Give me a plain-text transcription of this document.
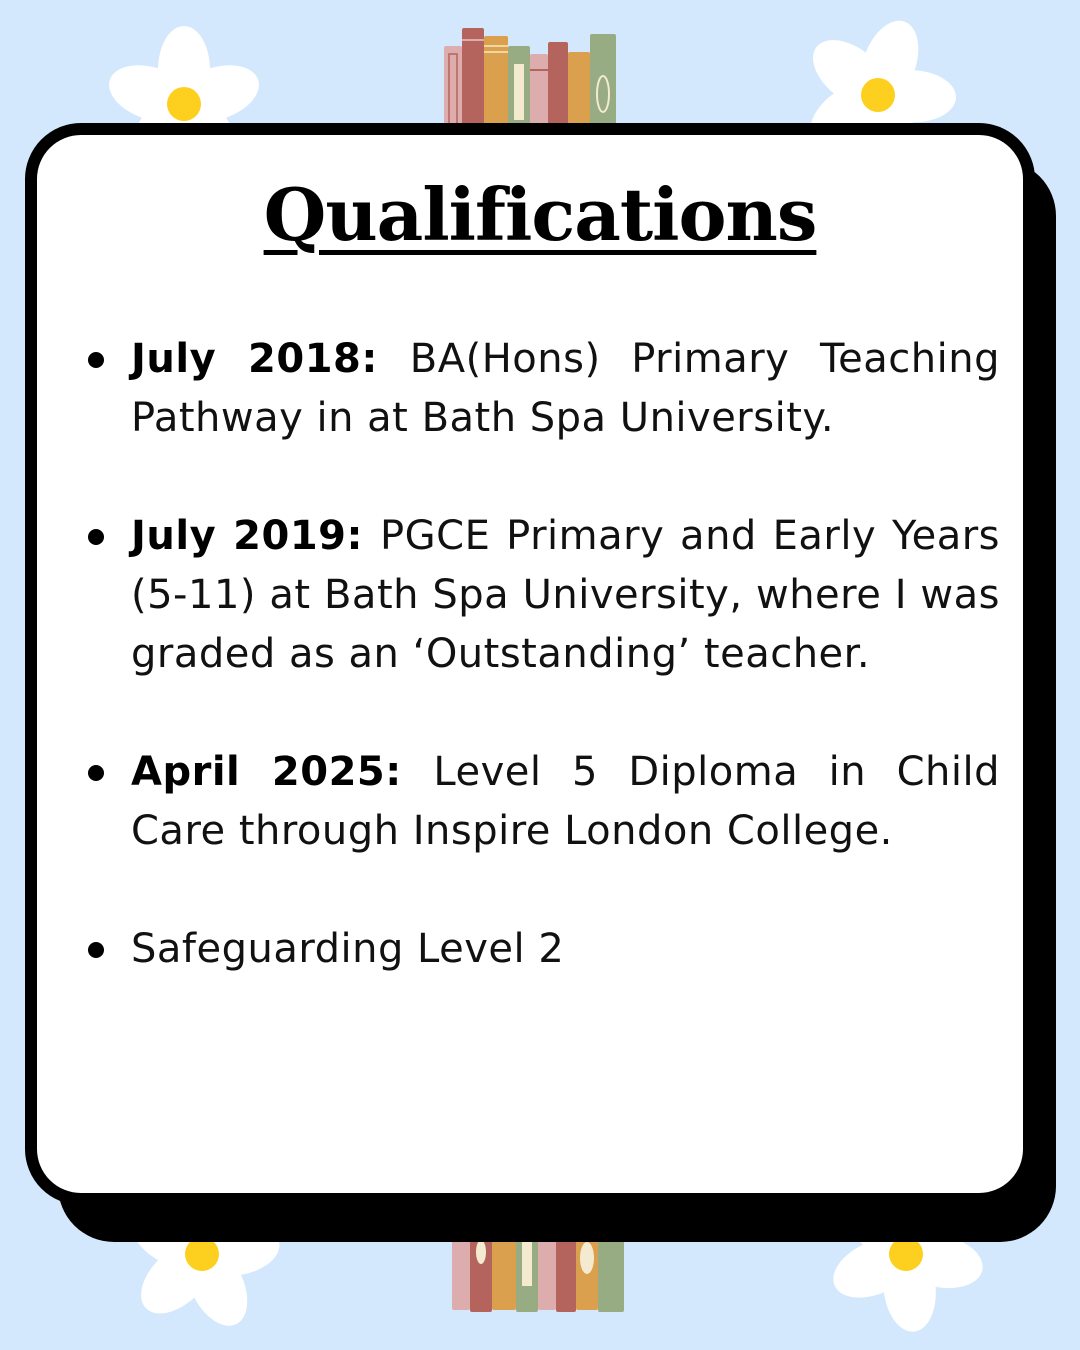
Qualifications
July 2018: BA(Hons) Primary Teaching Pathway in at Bath Spa University.
July 2019: PGCE Primary and Early Years (5-11) at Bath Spa University, where I was graded as an ‘Outstanding’ teacher.
April 2025: Level 5 Diploma in Child Care through Inspire London College.
Safeguarding Level 2
